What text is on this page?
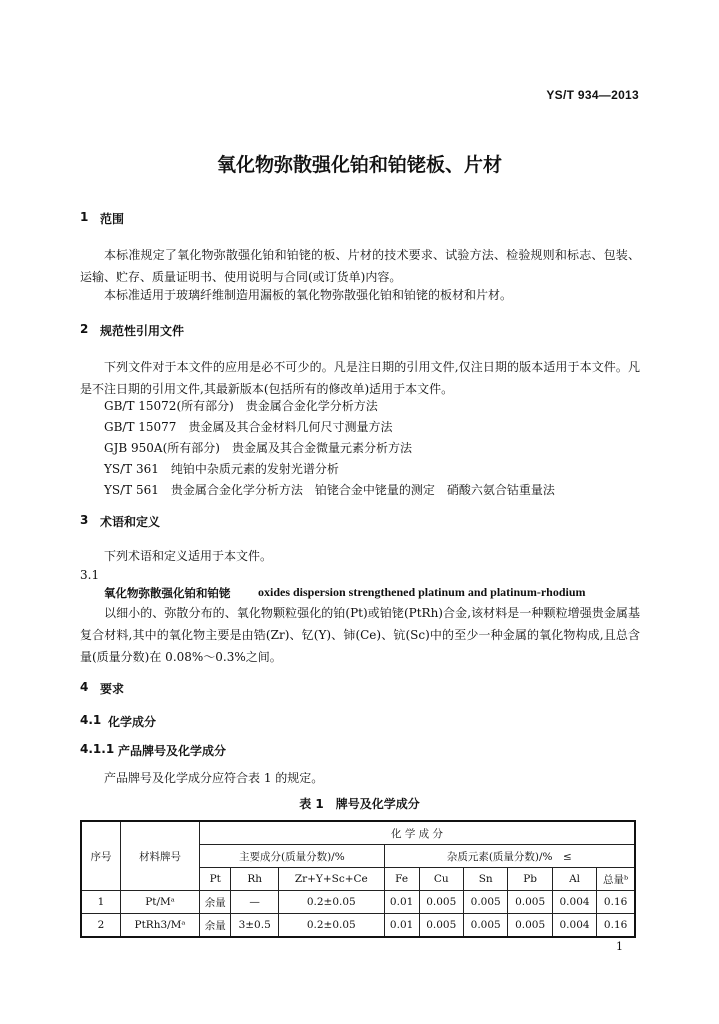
YS/T 934—2013
氧化物弥散强化铂和铂铑板、片材
1 范围
本标准规定了氧化物弥散强化铂和铂铑的板、片材的技术要求、试验方法、检验规则和标志、包装、运输、贮存、质量证明书、使用说明与合同(或订货单)内容。
本标准适用于玻璃纤维制造用漏板的氧化物弥散强化铂和铂铑的板材和片材。
2 规范性引用文件
下列文件对于本文件的应用是必不可少的。凡是注日期的引用文件,仅注日期的版本适用于本文件。凡是不注日期的引用文件,其最新版本(包括所有的修改单)适用于本文件。
GB/T 15072(所有部分)　贵金属合金化学分析方法
GB/T 15077　贵金属及其合金材料几何尺寸测量方法
GJB 950A(所有部分)　贵金属及其合金微量元素分析方法
YS/T 361　纯铂中杂质元素的发射光谱分析
YS/T 561　贵金属合金化学分析方法　铂铑合金中铑量的测定　硝酸六氨合钴重量法
3 术语和定义
下列术语和定义适用于本文件。
3.1
氧化物弥散强化铂和铂铑 oxides dispersion strengthened platinum and platinum-rhodium
以细小的、弥散分布的、氧化物颗粒强化的铂(Pt)或铂铑(PtRh)合金,该材料是一种颗粒增强贵金属基复合材料,其中的氧化物主要是由锆(Zr)、钇(Y)、铈(Ce)、钪(Sc)中的至少一种金属的氧化物构成,且总含量(质量分数)在 0.08%～0.3%之间。
4 要求
4.1 化学成分
4.1.1 产品牌号及化学成分
产品牌号及化学成分应符合表 1 的规定。
表 1　牌号及化学成分
序号	材料牌号	化 学 成 分								
		主要成分(质量分数)/%			杂质元素(质量分数)/%　≤					
		Pt	Rh	Zr+Y+Sc+Ce	Fe	Cu	Sn	Pb	Al	总量ᵇ
1	Pt/Mᵃ	余量	—	0.2±0.05	0.01	0.005	0.005	0.005	0.004	0.16
2	PtRh3/Mᵃ	余量	3±0.5	0.2±0.05	0.01	0.005	0.005	0.005	0.004	0.16
1
